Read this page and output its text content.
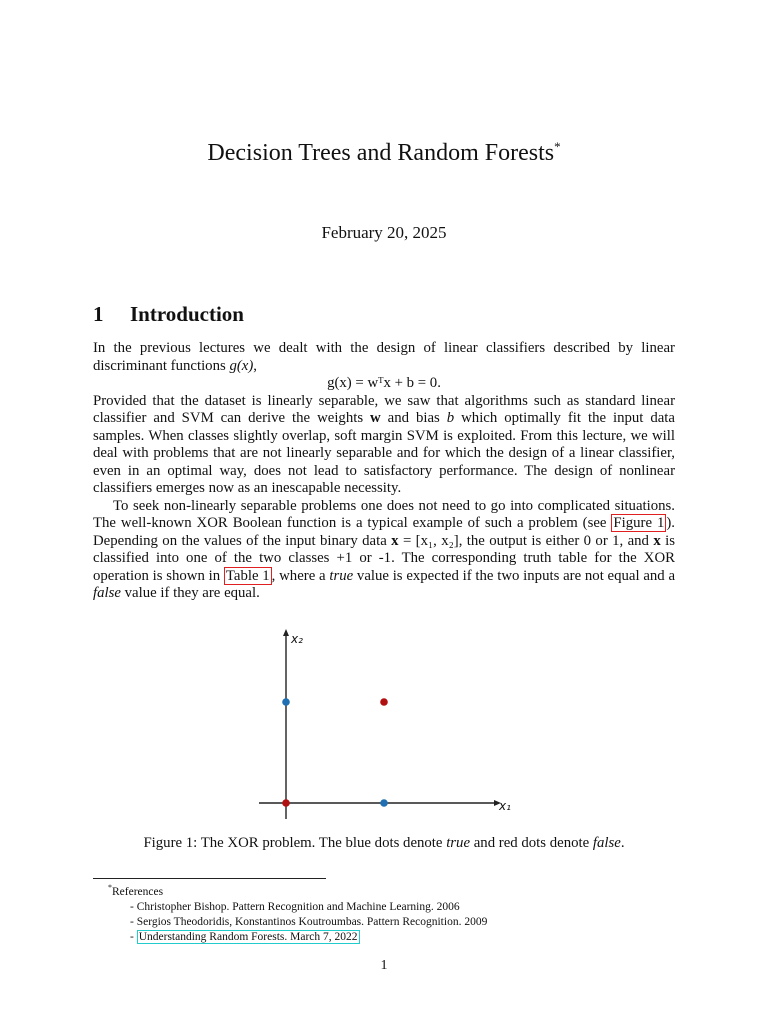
Decision Trees and Random Forests*
February 20, 2025
1 Introduction

In the previous lectures we dealt with the design of linear classifiers described by linear discriminant functions g(x),

g(x) = wᵀx + b = 0.

Provided that the dataset is linearly separable, we saw that algorithms such as standard linear classifier and SVM can derive the weights w and bias b which optimally fit the input data samples. When classes slightly overlap, soft margin SVM is exploited. From this lecture, we will deal with problems that are not linearly separable and for which the design of a linear classifier, even in an optimal way, does not lead to satisfactory performance. The design of nonlinear classifiers emerges now as an inescapable necessity.

To seek non-linearly separable problems one does not need to go into complicated situations. The well-known XOR Boolean function is a typical example of such a problem (see Figure 1 ). Depending on the values of the input binary data x = [x₁, x₂], the output is either 0 or 1, and x is classified into one of the two classes +1 or -1. The corresponding truth table for the XOR operation is shown in Table 1 , where a true value is expected if the two inputs are not equal and a false value if they are equal.

x₁
x₂
Figure 1: The XOR problem. The blue dots denote true and red dots denote false.
*References
- Christopher Bishop. Pattern Recognition and Machine Learning. 2006
- Sergios Theodoridis, Konstantinos Koutroumbas. Pattern Recognition. 2009
- Understanding Random Forests. March 7, 2022
1
